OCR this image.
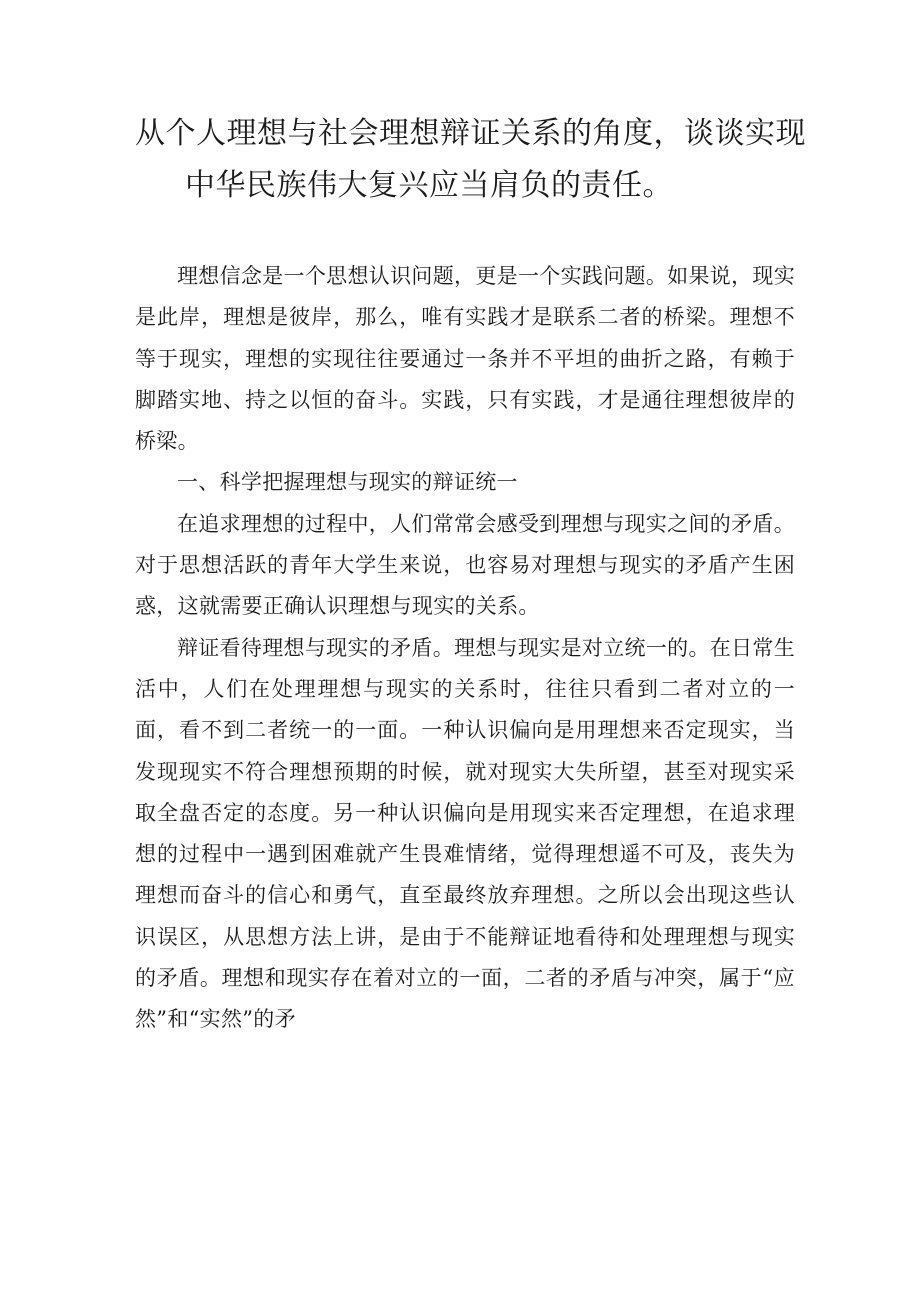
从个人理想与社会理想辩证关系的角度，谈谈实现
中华民族伟大复兴应当肩负的责任。

理想信念是一个思想认识问题，更是一个实践问题。如果说，现实是此岸，理想是彼岸，那么，唯有实践才是联系二者的桥梁。理想不等于现实，理想的实现往往要通过一条并不平坦的曲折之路，有赖于脚踏实地、持之以恒的奋斗。实践，只有实践，才是通往理想彼岸的桥梁。

一、科学把握理想与现实的辩证统一

在追求理想的过程中，人们常常会感受到理想与现实之间的矛盾。对于思想活跃的青年大学生来说，也容易对理想与现实的矛盾产生困惑，这就需要正确认识理想与现实的关系。

辩证看待理想与现实的矛盾。理想与现实是对立统一的。在日常生活中，人们在处理理想与现实的关系时，往往只看到二者对立的一面，看不到二者统一的一面。一种认识偏向是用理想来否定现实，当发现现实不符合理想预期的时候，就对现实大失所望，甚至对现实采取全盘否定的态度。另一种认识偏向是用现实来否定理想，在追求理想的过程中一遇到困难就产生畏难情绪，觉得理想遥不可及，丧失为理想而奋斗的信心和勇气，直至最终放弃理想。之所以会出现这些认识误区，从思想方法上讲，是由于不能辩证地看待和处理理想与现实的矛盾。理想和现实存在着对立的一面，二者的矛盾与冲突，属于“应然”和“实然”的矛
